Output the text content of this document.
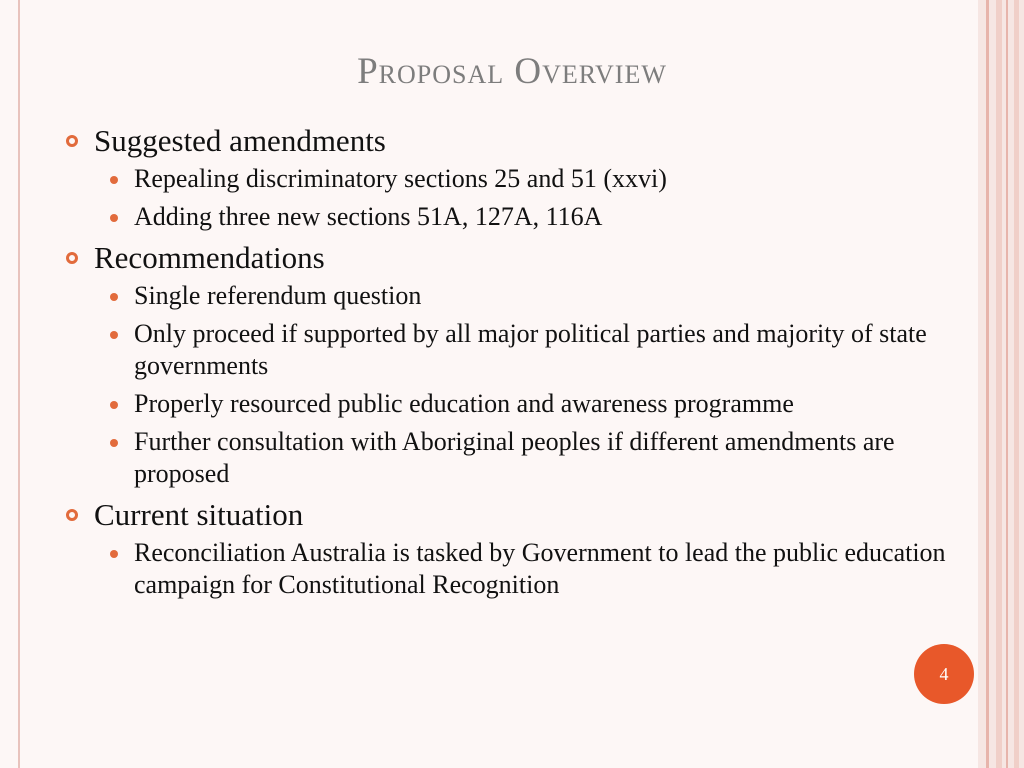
Proposal Overview
Suggested amendments
Repealing discriminatory sections 25 and 51 (xxvi)
Adding three new sections 51A, 127A, 116A
Recommendations
Single referendum question
Only proceed if supported by all major political parties and majority of state governments
Properly resourced public education and awareness programme
Further consultation with Aboriginal peoples if different amendments are proposed
Current situation
Reconciliation Australia is tasked by Government to lead the public education campaign for Constitutional Recognition
4
